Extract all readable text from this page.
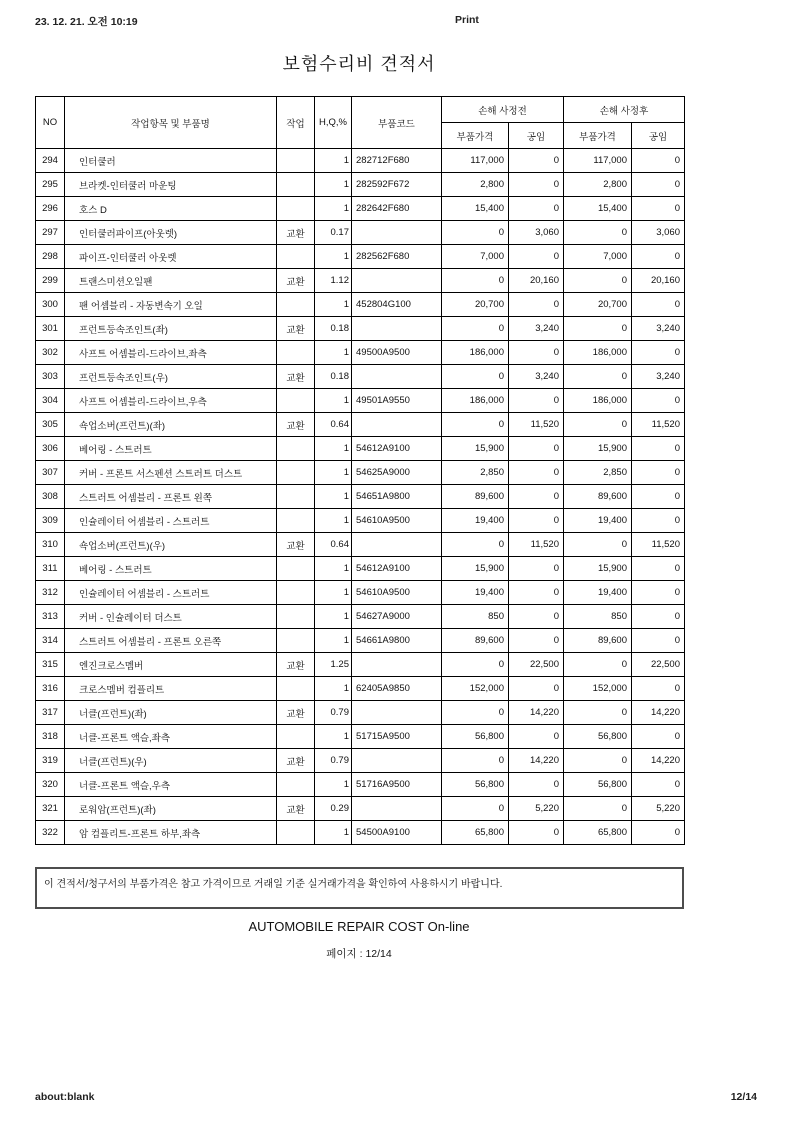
23. 12. 21. 오전 10:19	Print
보험수리비 견적서
NO	작업항목 및 부품명	작업	H,Q,%	부품코드	손해 사정전		손해 사정후	
					부품가격	공임	부품가격	공임
294	인터쿨러		1	282712F680	117,000	0	117,000	0
295	브라켓-인터쿨러 마운팅		1	282592F672	2,800	0	2,800	0
296	호스 D		1	282642F680	15,400	0	15,400	0
297	인터쿨러파이프(아웃렛)	교환	0.17		0	3,060	0	3,060
298	파이프-인터쿨러 아웃렛		1	282562F680	7,000	0	7,000	0
299	트랜스미션오일팬	교환	1.12		0	20,160	0	20,160
300	팬 어셈블리 - 자동변속기 오일		1	452804G100	20,700	0	20,700	0
301	프런트등속조인트(좌)	교환	0.18		0	3,240	0	3,240
302	사프트 어셈블리-드라이브,좌측		1	49500A9500	186,000	0	186,000	0
303	프런트등속조인트(우)	교환	0.18		0	3,240	0	3,240
304	사프트 어셈블리-드라이브,우측		1	49501A9550	186,000	0	186,000	0
305	쇽업소버(프런트)(좌)	교환	0.64		0	11,520	0	11,520
306	베어링 - 스트러트		1	54612A9100	15,900	0	15,900	0
307	커버 - 프론트 서스펜션 스트러트 더스트		1	54625A9000	2,850	0	2,850	0
308	스트러트 어셈블리 - 프론트 왼쪽		1	54651A9800	89,600	0	89,600	0
309	인슐레이터 어셈블리 - 스트러트		1	54610A9500	19,400	0	19,400	0
310	쇽업소버(프런트)(우)	교환	0.64		0	11,520	0	11,520
311	베어링 - 스트러트		1	54612A9100	15,900	0	15,900	0
312	인슐레이터 어셈블리 - 스트러트		1	54610A9500	19,400	0	19,400	0
313	커버 - 인슐레이터 더스트		1	54627A9000	850	0	850	0
314	스트러트 어셈블리 - 프론트 오른쪽		1	54661A9800	89,600	0	89,600	0
315	엔진크로스멤버	교환	1.25		0	22,500	0	22,500
316	크로스멤버 컴플리트		1	62405A9850	152,000	0	152,000	0
317	너클(프런트)(좌)	교환	0.79		0	14,220	0	14,220
318	너클-프론트 액슬,좌측		1	51715A9500	56,800	0	56,800	0
319	너클(프런트)(우)	교환	0.79		0	14,220	0	14,220
320	너클-프론트 액슬,우측		1	51716A9500	56,800	0	56,800	0
321	로워암(프런트)(좌)	교환	0.29		0	5,220	0	5,220
322	암 컴플리트-프론트 하부,좌측		1	54500A9100	65,800	0	65,800	0
이 견적서/청구서의 부품가격은 참고 가격이므로 거래일 기준 실거래가격을 확인하여 사용하시기 바랍니다.
AUTOMOBILE REPAIR COST On-line
페이지 : 12/14
about:blank	12/14
